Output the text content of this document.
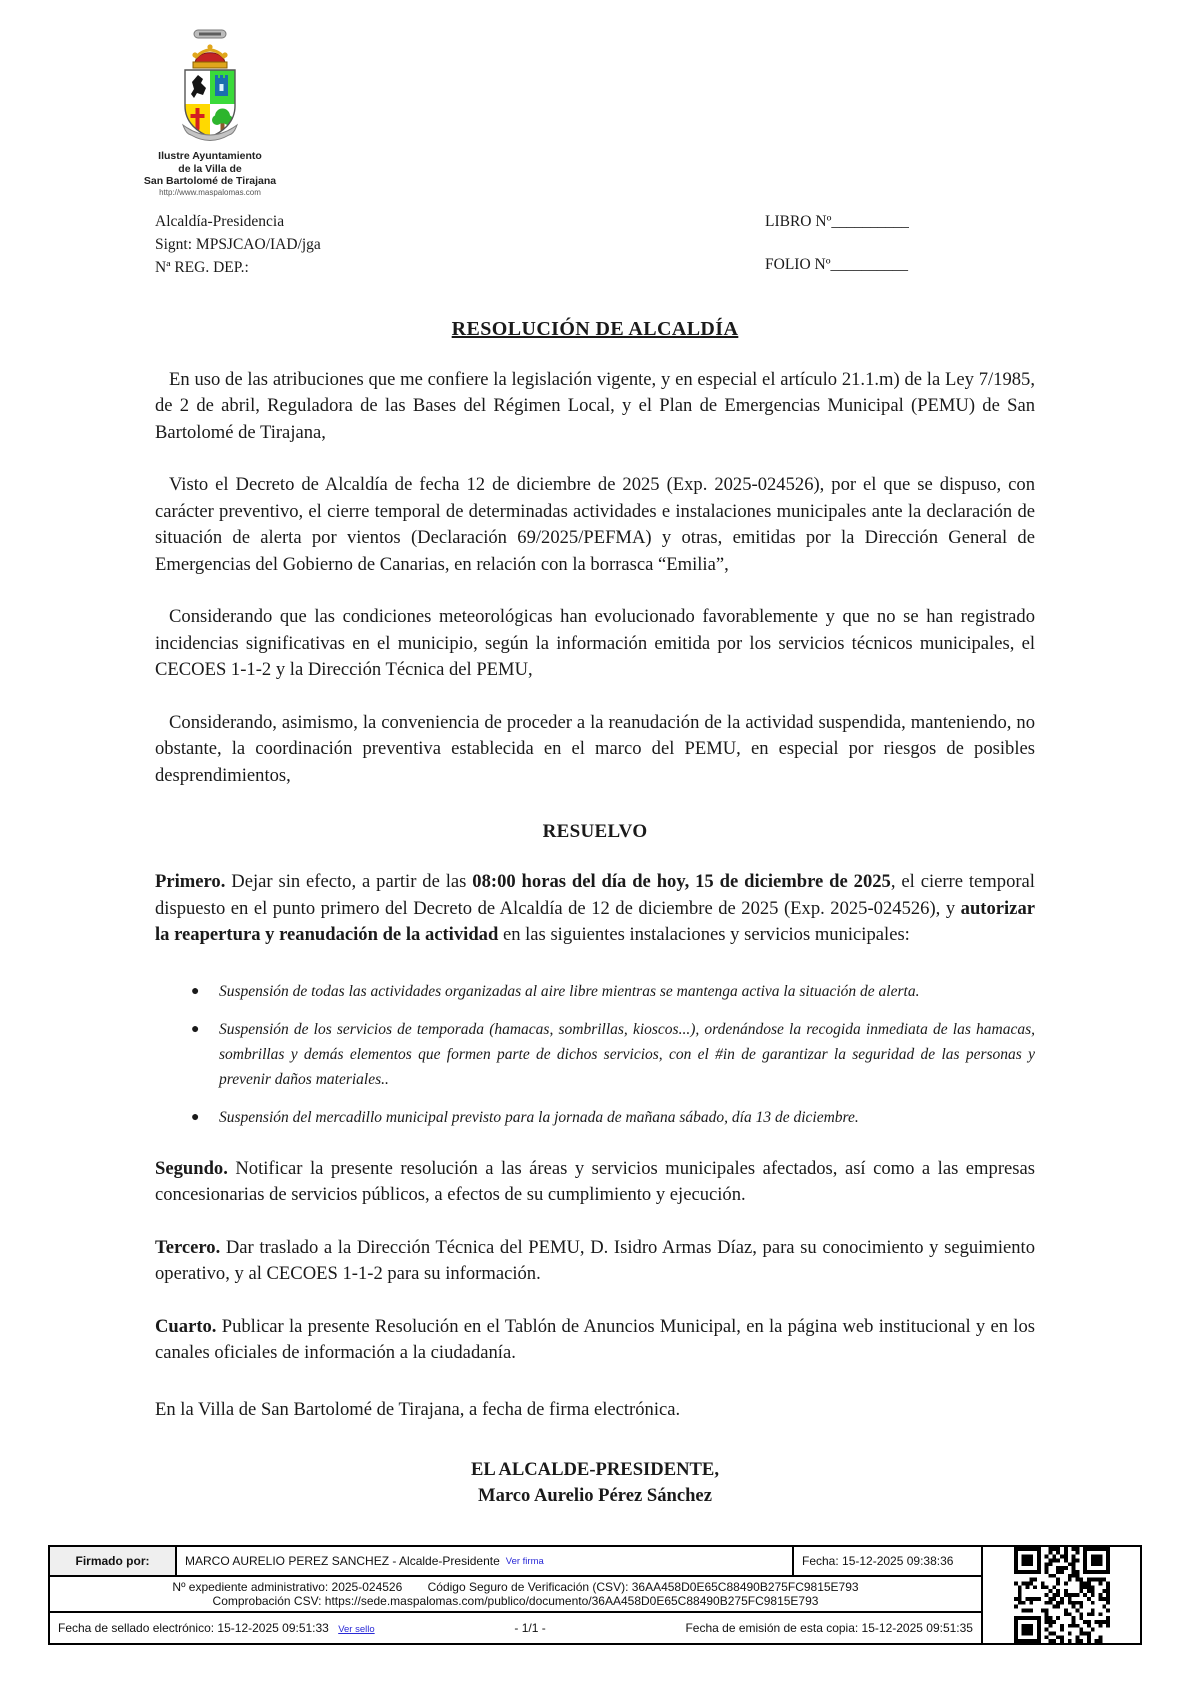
Ilustre Ayuntamiento
de la Villa de
San Bartolomé de Tirajana
http://www.maspalomas.com
Alcaldía-Presidencia
Signt: MPSJCAO/IAD/jga
Nª REG. DEP.:
LIBRO Nº__________
FOLIO Nº__________
RESOLUCIÓN DE ALCALDÍA

En uso de las atribuciones que me confiere la legislación vigente, y en especial el artículo 21.1.m) de la Ley 7/1985, de 2 de abril, Reguladora de las Bases del Régimen Local, y el Plan de Emergencias Municipal (PEMU) de San Bartolomé de Tirajana,

Visto el Decreto de Alcaldía de fecha 12 de diciembre de 2025 (Exp. 2025-024526), por el que se dispuso, con carácter preventivo, el cierre temporal de determinadas actividades e instalaciones municipales ante la declaración de situación de alerta por vientos (Declaración 69/2025/PEFMA) y otras, emitidas por la Dirección General de Emergencias del Gobierno de Canarias, en relación con la borrasca “Emilia”,

Considerando que las condiciones meteorológicas han evolucionado favorablemente y que no se han registrado incidencias significativas en el municipio, según la información emitida por los servicios técnicos municipales, el CECOES 1-1-2 y la Dirección Técnica del PEMU,

Considerando, asimismo, la conveniencia de proceder a la reanudación de la actividad suspendida, manteniendo, no obstante, la coordinación preventiva establecida en el marco del PEMU, en especial por riesgos de posibles desprendimientos,

RESUELVO

Primero. Dejar sin efecto, a partir de las 08:00 horas del día de hoy, 15 de diciembre de 2025, el cierre temporal dispuesto en el punto primero del Decreto de Alcaldía de 12 de diciembre de 2025 (Exp. 2025-024526), y autorizar la reapertura y reanudación de la actividad en las siguientes instalaciones y servicios municipales:

●	Suspensión de todas las actividades organizadas al aire libre mientras se mantenga activa la situación de alerta.
●	Suspensión de los servicios de temporada (hamacas, sombrillas, kioscos...), ordenándose la recogida inmediata de las hamacas, sombrillas y demás elementos que formen parte de dichos servicios, con el #in de garantizar la seguridad de las personas y prevenir daños materiales..
●	Suspensión del mercadillo municipal previsto para la jornada de mañana sábado, día 13 de diciembre.

Segundo. Notificar la presente resolución a las áreas y servicios municipales afectados, así como a las empresas concesionarias de servicios públicos, a efectos de su cumplimiento y ejecución.

Tercero. Dar traslado a la Dirección Técnica del PEMU, D. Isidro Armas Díaz, para su conocimiento y seguimiento operativo, y al CECOES 1-1-2 para su información.

Cuarto. Publicar la presente Resolución en el Tablón de Anuncios Municipal, en la página web institucional y en los canales oficiales de información a la ciudadanía.

En la Villa de San Bartolomé de Tirajana, a fecha de firma electrónica.
EL ALCALDE-PRESIDENTE,
Marco Aurelio Pérez Sánchez
Firmado por:	MARCO AURELIO PEREZ SANCHEZ - Alcalde-Presidente Ver firma	Fecha: 15-12-2025 09:38:36
Nº expediente administrativo: 2025-024526 Código Seguro de Verificación (CSV): 36AA458D0E65C88490B275FC9815E793
Comprobación CSV: https://sede.maspalomas.com/publico/documento/36AA458D0E65C88490B275FC9815E793
Fecha de sellado electrónico: 15-12-2025 09:51:33 Ver sello	- 1/1 -	Fecha de emisión de esta copia: 15-12-2025 09:51:35
